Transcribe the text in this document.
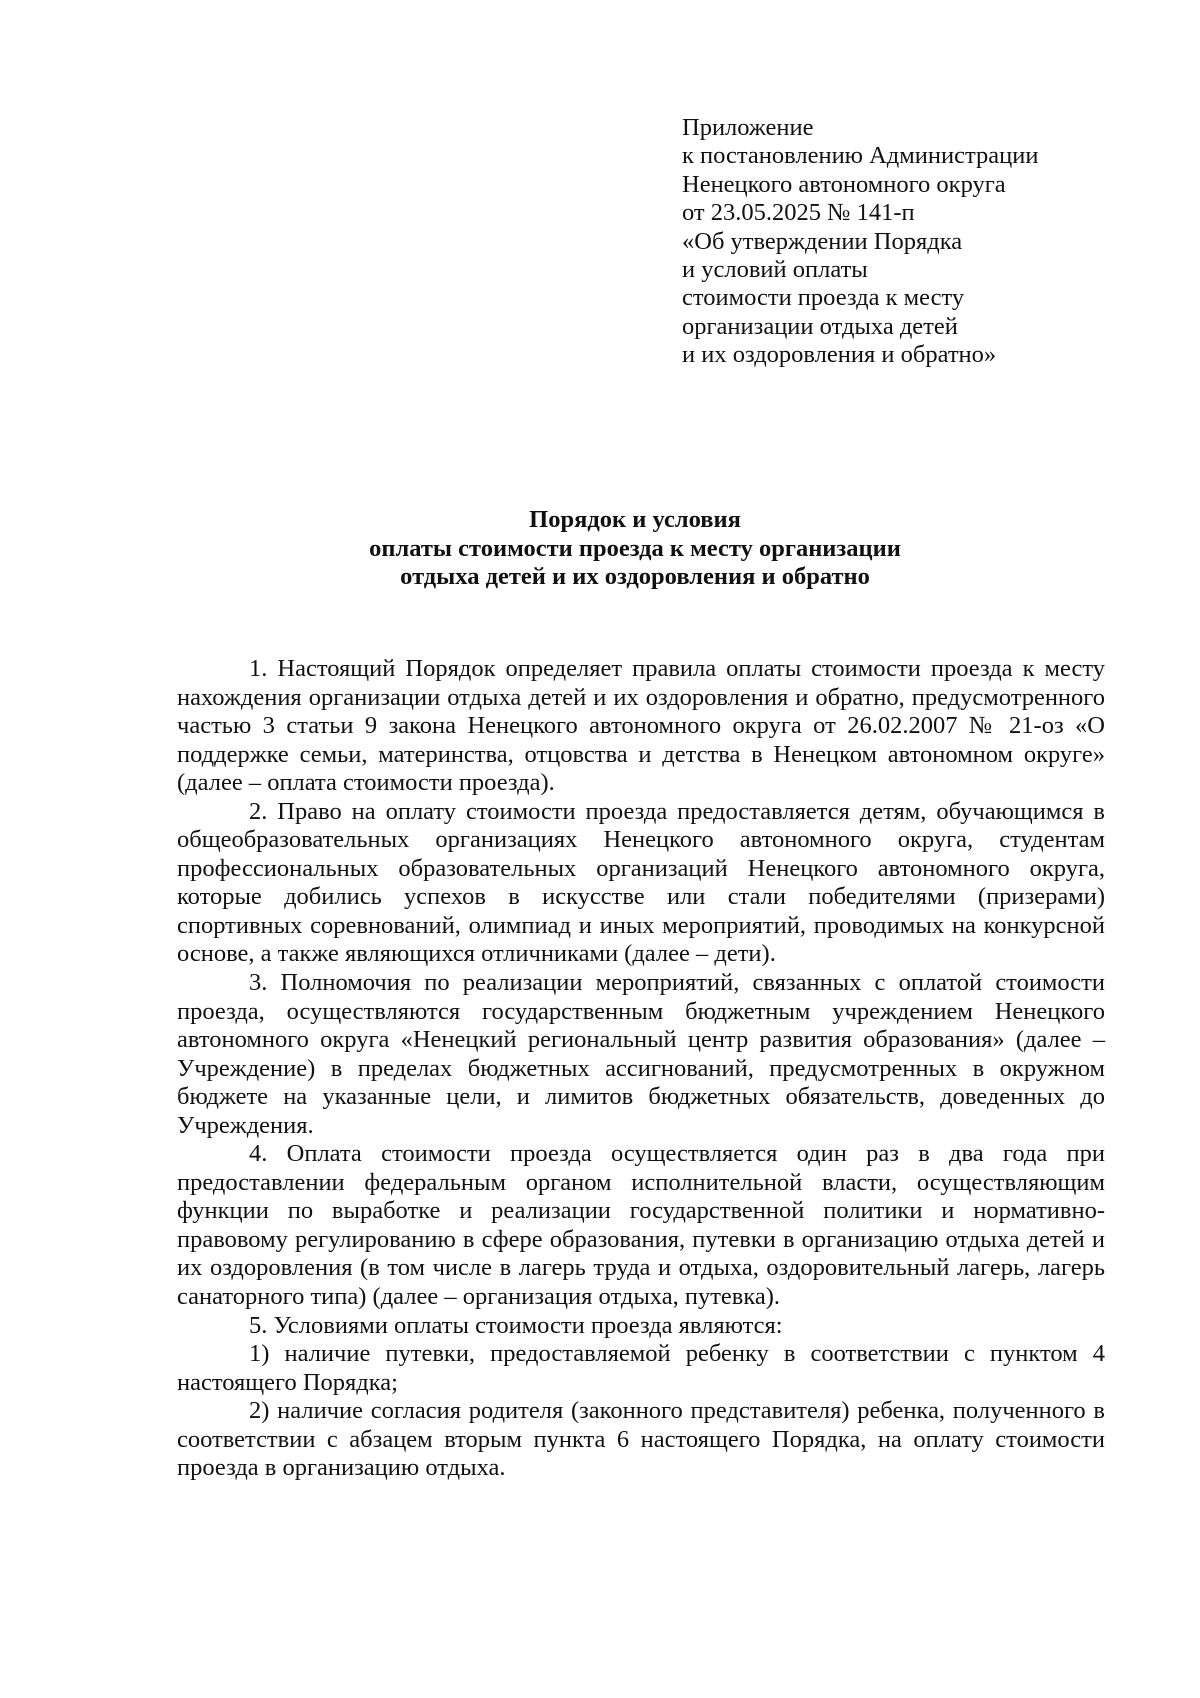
Приложение
к постановлению Администрации
Ненецкого автономного округа
от 23.05.2025 № 141-п
«Об утверждении Порядка
и условий оплаты
стоимости проезда к месту
организации отдыха детей
и их оздоровления и обратно»
Порядок и условия
оплаты стоимости проезда к месту организации
отдыха детей и их оздоровления и обратно

1. Настоящий Порядок определяет правила оплаты стоимости проезда к месту нахождения организации отдыха детей и их оздоровления и обратно, предусмотренного частью 3 статьи 9 закона Ненецкого автономного округа от 26.02.2007 № 21-оз «О поддержке семьи, материнства, отцовства и детства в Ненецком автономном округе» (далее – оплата стоимости проезда).

2. Право на оплату стоимости проезда предоставляется детям, обучающимся в общеобразовательных организациях Ненецкого автономного округа, студентам профессиональных образовательных организаций Ненецкого автономного округа, которые добились успехов в искусстве или стали победителями (призерами) спортивных соревнований, олимпиад и иных мероприятий, проводимых на конкурсной основе, а также являющихся отличниками (далее – дети).

3. Полномочия по реализации мероприятий, связанных с оплатой стоимости проезда, осуществляются государственным бюджетным учреждением Ненецкого автономного округа «Ненецкий региональный центр развития образования» (далее – Учреждение) в пределах бюджетных ассигнований, предусмотренных в окружном бюджете на указанные цели, и лимитов бюджетных обязательств, доведенных до Учреждения.

4. Оплата стоимости проезда осуществляется один раз в два года при предоставлении федеральным органом исполнительной власти, осуществляющим функции по выработке и реализации государственной политики и нормативно-правовому регулированию в сфере образования, путевки в организацию отдыха детей и их оздоровления (в том числе в лагерь труда и отдыха, оздоровительный лагерь, лагерь санаторного типа) (далее – организация отдыха, путевка).

5. Условиями оплаты стоимости проезда являются:

1) наличие путевки, предоставляемой ребенку в соответствии с пунктом 4 настоящего Порядка;

2) наличие согласия родителя (законного представителя) ребенка, полученного в соответствии с абзацем вторым пункта 6 настоящего Порядка, на оплату стоимости проезда в организацию отдыха.
